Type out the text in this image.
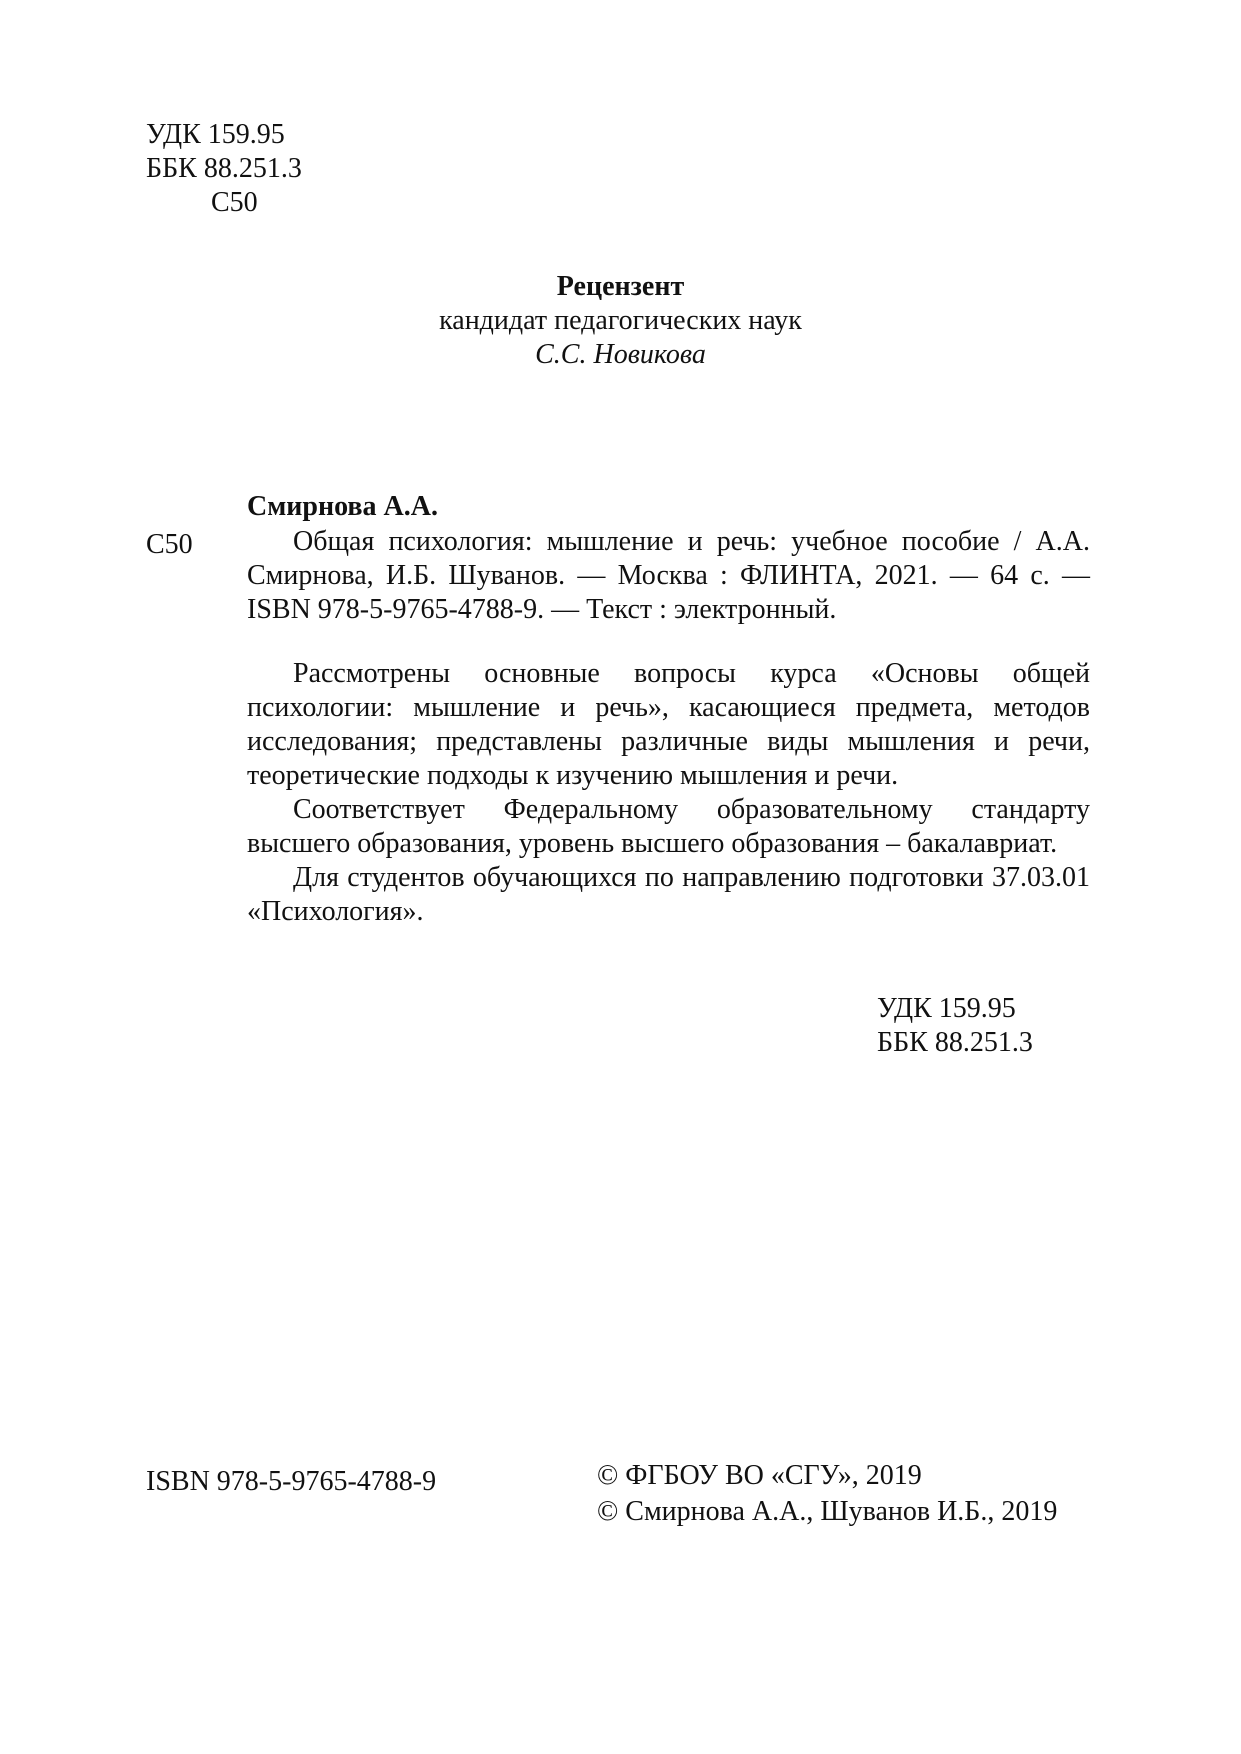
УДК 159.95
ББК 88.251.3
С50
Рецензент
кандидат педагогических наук
С.С. Новикова
Смирнова А.А.
С50	Общая психология: мышление и речь: учебное пособие / А.А. Смирнова, И.Б. Шуванов. — Москва : ФЛИНТА, 2021. — 64 с. — ISBN 978-5-9765-4788-9. — Текст : электронный.

Рассмотрены основные вопросы курса «Основы общей психологии: мышление и речь», касающиеся предмета, методов исследования; представлены различные виды мышления и речи, теоретические подходы к изучению мышления и речи.

Соответствует Федеральному образовательному стандарту высшего образования, уровень высшего образования – бакалавриат.

Для студентов обучающихся по направлению подготовки 37.03.01 «Психология».

УДК 159.95
ББК 88.251.3
ISBN 978-5-9765-4788-9	© ФГБОУ ВО «СГУ», 2019
© Смирнова А.А., Шуванов И.Б., 2019
